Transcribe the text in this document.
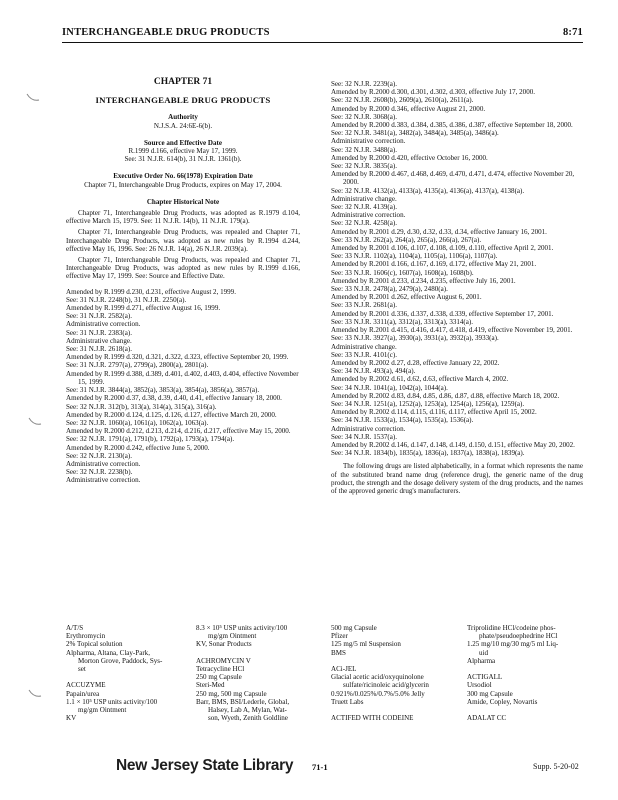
INTERCHANGEABLE DRUG PRODUCTS	8:71
CHAPTER 71
INTERCHANGEABLE DRUG PRODUCTS
Authority
N.J.S.A. 24:6E-6(b).
Source and Effective Date
R.1999 d.166, effective May 17, 1999.
See: 31 N.J.R. 614(b), 31 N.J.R. 1361(b).
Executive Order No. 66(1978) Expiration Date
Chapter 71, Interchangeable Drug Products, expires on May 17, 2004.
Chapter Historical Note
Chapter 71, Interchangeable Drug Products, was adopted as R.1979 d.104, effective March 15, 1979. See: 11 N.J.R. 14(b), 11 N.J.R. 179(a).
Chapter 71, Interchangeable Drug Products, was repealed and Chapter 71, Interchangeable Drug Products, was adopted as new rules by R.1994 d.244, effective May 16, 1996. See: 26 N.J.R. 14(a), 26 N.J.R. 2039(a).
Chapter 71, Interchangeable Drug Products, was repealed and Chapter 71, Interchangeable Drug Products, was adopted as new rules by R.1999 d.166, effective May 17, 1999. See: Source and Effective Date.
Amended by R.1999 d.230, d.231, effective August 2, 1999.
See: 31 N.J.R. 2248(b), 31 N.J.R. 2250(a).
Amended by R.1999 d.271, effective August 16, 1999.
See: 31 N.J.R. 2582(a).
Administrative correction.
See: 31 N.J.R. 2383(a).
Administrative change.
See: 31 N.J.R. 2618(a).
Amended by R.1999 d.320, d.321, d.322, d.323, effective September 20, 1999.
See: 31 N.J.R. 2797(a), 2799(a), 2800(a), 2801(a).
Amended by R.1999 d.388, d.389, d.401, d.402, d.403, d.404, effective November 15, 1999.
See: 31 N.J.R. 3844(a), 3852(a), 3853(a), 3854(a), 3856(a), 3857(a).
Amended by R.2000 d.37, d.38, d.39, d.40, d.41, effective January 18, 2000.
See: 32 N.J.R. 312(b), 313(a), 314(a), 315(a), 316(a).
Amended by R.2000 d.124, d.125, d.126, d.127, effective March 20, 2000.
See: 32 N.J.R. 1060(a), 1061(a), 1062(a), 1063(a).
Amended by R.2000 d.212, d.213, d.214, d.216, d.217, effective May 15, 2000.
See: 32 N.J.R. 1791(a), 1791(b), 1792(a), 1793(a), 1794(a).
Amended by R.2000 d.242, effective June 5, 2000.
See: 32 N.J.R. 2130(a).
Administrative correction.
See: 32 N.J.R. 2238(b).
Administrative correction.
See: 32 N.J.R. 2239(a).
Amended by R.2000 d.300, d.301, d.302, d.303, effective July 17, 2000.
See: 32 N.J.R. 2608(b), 2609(a), 2610(a), 2611(a).
Amended by R.2000 d.346, effective August 21, 2000.
See: 32 N.J.R. 3068(a).
Amended by R.2000 d.383, d.384, d.385, d.386, d.387, effective September 18, 2000.
See: 32 N.J.R. 3481(a), 3482(a), 3484(a), 3485(a), 3486(a).
Administrative correction.
See: 32 N.J.R. 3488(a).
Amended by R.2000 d.420, effective October 16, 2000.
See: 32 N.J.R. 3835(a).
Amended by R.2000 d.467, d.468, d.469, d.470, d.471, d.474, effective November 20, 2000.
See: 32 N.J.R. 4132(a), 4133(a), 4135(a), 4136(a), 4137(a), 4138(a).
Administrative change.
See: 32 N.J.R. 4139(a).
Administrative correction.
See: 32 N.J.R. 4258(a).
Amended by R.2001 d.29, d.30, d.32, d.33, d.34, effective January 16, 2001.
See: 33 N.J.R. 262(a), 264(a), 265(a), 266(a), 267(a).
Amended by R.2001 d.106, d.107, d.108, d.109, d.110, effective April 2, 2001.
See: 33 N.J.R. 1102(a), 1104(a), 1105(a), 1106(a), 1107(a).
Amended by R.2001 d.166, d.167, d.169, d.172, effective May 21, 2001.
See: 33 N.J.R. 1606(c), 1607(a), 1608(a), 1608(b).
Amended by R.2001 d.233, d.234, d.235, effective July 16, 2001.
See: 33 N.J.R. 2478(a), 2479(a), 2480(a).
Amended by R.2001 d.262, effective August 6, 2001.
See: 33 N.J.R. 2681(a).
Amended by R.2001 d.336, d.337, d.338, d.339, effective September 17, 2001.
See: 33 N.J.R. 3311(a), 3312(a), 3313(a), 3314(a).
Amended by R.2001 d.415, d.416, d.417, d.418, d.419, effective November 19, 2001.
See: 33 N.J.R. 3927(a), 3930(a), 3931(a), 3932(a), 3933(a).
Administrative change.
See: 33 N.J.R. 4101(c).
Amended by R.2002 d.27, d.28, effective January 22, 2002.
See: 34 N.J.R. 493(a), 494(a).
Amended by R.2002 d.61, d.62, d.63, effective March 4, 2002.
See: 34 N.J.R. 1041(a), 1042(a), 1044(a).
Amended by R.2002 d.83, d.84, d.85, d.86, d.87, d.88, effective March 18, 2002.
See: 34 N.J.R. 1251(a), 1252(a), 1253(a), 1254(a), 1256(a), 1259(a).
Amended by R.2002 d.114, d.115, d.116, d.117, effective April 15, 2002.
See: 34 N.J.R. 1533(a), 1534(a), 1535(a), 1536(a).
Administrative correction.
See: 34 N.J.R. 1537(a).
Amended by R.2002 d.146, d.147, d.148, d.149, d.150, d.151, effective May 20, 2002.
See: 34 N.J.R. 1834(b), 1835(a), 1836(a), 1837(a), 1838(a), 1839(a).
The following drugs are listed alphabetically, in a format which represents the name of the substituted brand name drug (reference drug), the generic name of the drug product, the strength and the dosage delivery system of the drug products, and the names of the approved generic drug's manufacturers.
A/T/S
Erythromycin
2% Topical solution
Alpharma, Altana, Clay-Park,
Morton Grove, Paddock, Sys-
set

ACCUZYME
Papain/urea
1.1 × 10⁵ USP units activity/100
mg/gm Ointment
KV
8.3 × 10⁵ USP units activity/100
mg/gm Ointment
KV, Sonar Products

ACHROMYCIN V
Tetracycline HCl
250 mg Capsule
Steri-Med
250 mg, 500 mg Capsule
Barr, BMS, BSI/Lederle, Global,
Halsey, Lab A, Mylan, Wat-
son, Wyeth, Zenith Goldline
500 mg Capsule
Pfizer
125 mg/5 ml Suspension
BMS

ACi-JEL
Glacial acetic acid/oxyquinolone
sulfate/ricinoleic acid/glycerin
0.921%/0.025%/0.7%/5.0% Jelly
Truett Labs

ACTIFED WITH CODEINE
Triprolidine HCl/codeine phos-
phate/pseudoephedrine HCl
1.25 mg/10 mg/30 mg/5 ml Liq-
uid
Alpharma

ACTIGALL
Ursodiol
300 mg Capsule
Amide, Copley, Novartis

ADALAT CC
New Jersey State Library 71-1	Supp. 5-20-02
